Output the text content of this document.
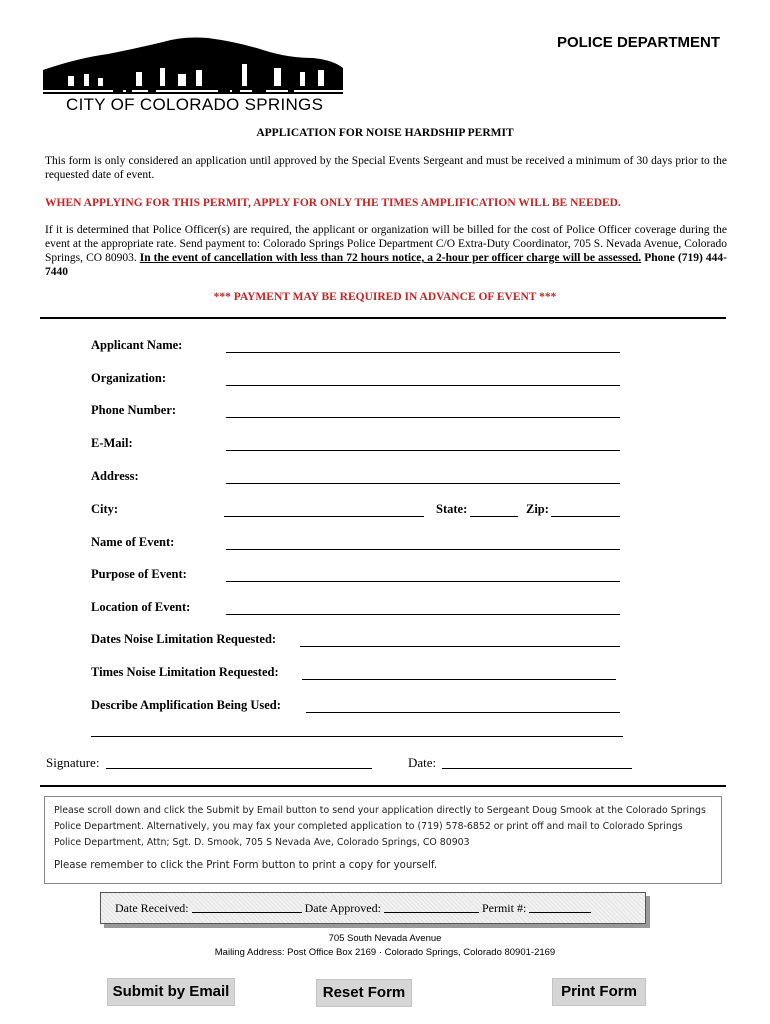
CITY OF COLORADO SPRINGS
POLICE DEPARTMENT
APPLICATION FOR NOISE HARDSHIP PERMIT
This form is only considered an application until approved by the Special Events Sergeant and must be received a minimum of 30 days prior to the requested date of event.
WHEN APPLYING FOR THIS PERMIT, APPLY FOR ONLY THE TIMES AMPLIFICATION WILL BE NEEDED.
If it is determined that Police Officer(s) are required, the applicant or organization will be billed for the cost of Police Officer coverage during the event at the appropriate rate. Send payment to: Colorado Springs Police Department C/O Extra-Duty Coordinator, 705 S. Nevada Avenue, Colorado Springs, CO 80903. In the event of cancellation with less than 72 hours notice, a 2-hour per officer charge will be assessed. Phone (719) 444-7440
*** PAYMENT MAY BE REQUIRED IN ADVANCE OF EVENT ***
Applicant Name:
Organization:
Phone Number:
E-Mail:
Address:
City:	State:	Zip:
Name of Event:
Purpose of Event:
Location of Event:
Dates Noise Limitation Requested:
Times Noise Limitation Requested:
Describe Amplification Being Used:
Signature:	Date:

Please scroll down and click the Submit by Email button to send your application directly to Sergeant Doug Smook at the Colorado Springs Police Department. Alternatively, you may fax your completed application to (719) 578-6852 or print off and mail to Colorado Springs Police Department, Attn; Sgt. D. Smook, 705 S Nevada Ave, Colorado Springs, CO 80903

Please remember to click the Print Form button to print a copy for yourself.

Date Received:	Date Approved:	Permit #:
705 South Nevada Avenue
Mailing Address: Post Office Box 2169 · Colorado Springs, Colorado 80901-2169
Submit by Email	Reset Form	Print Form
